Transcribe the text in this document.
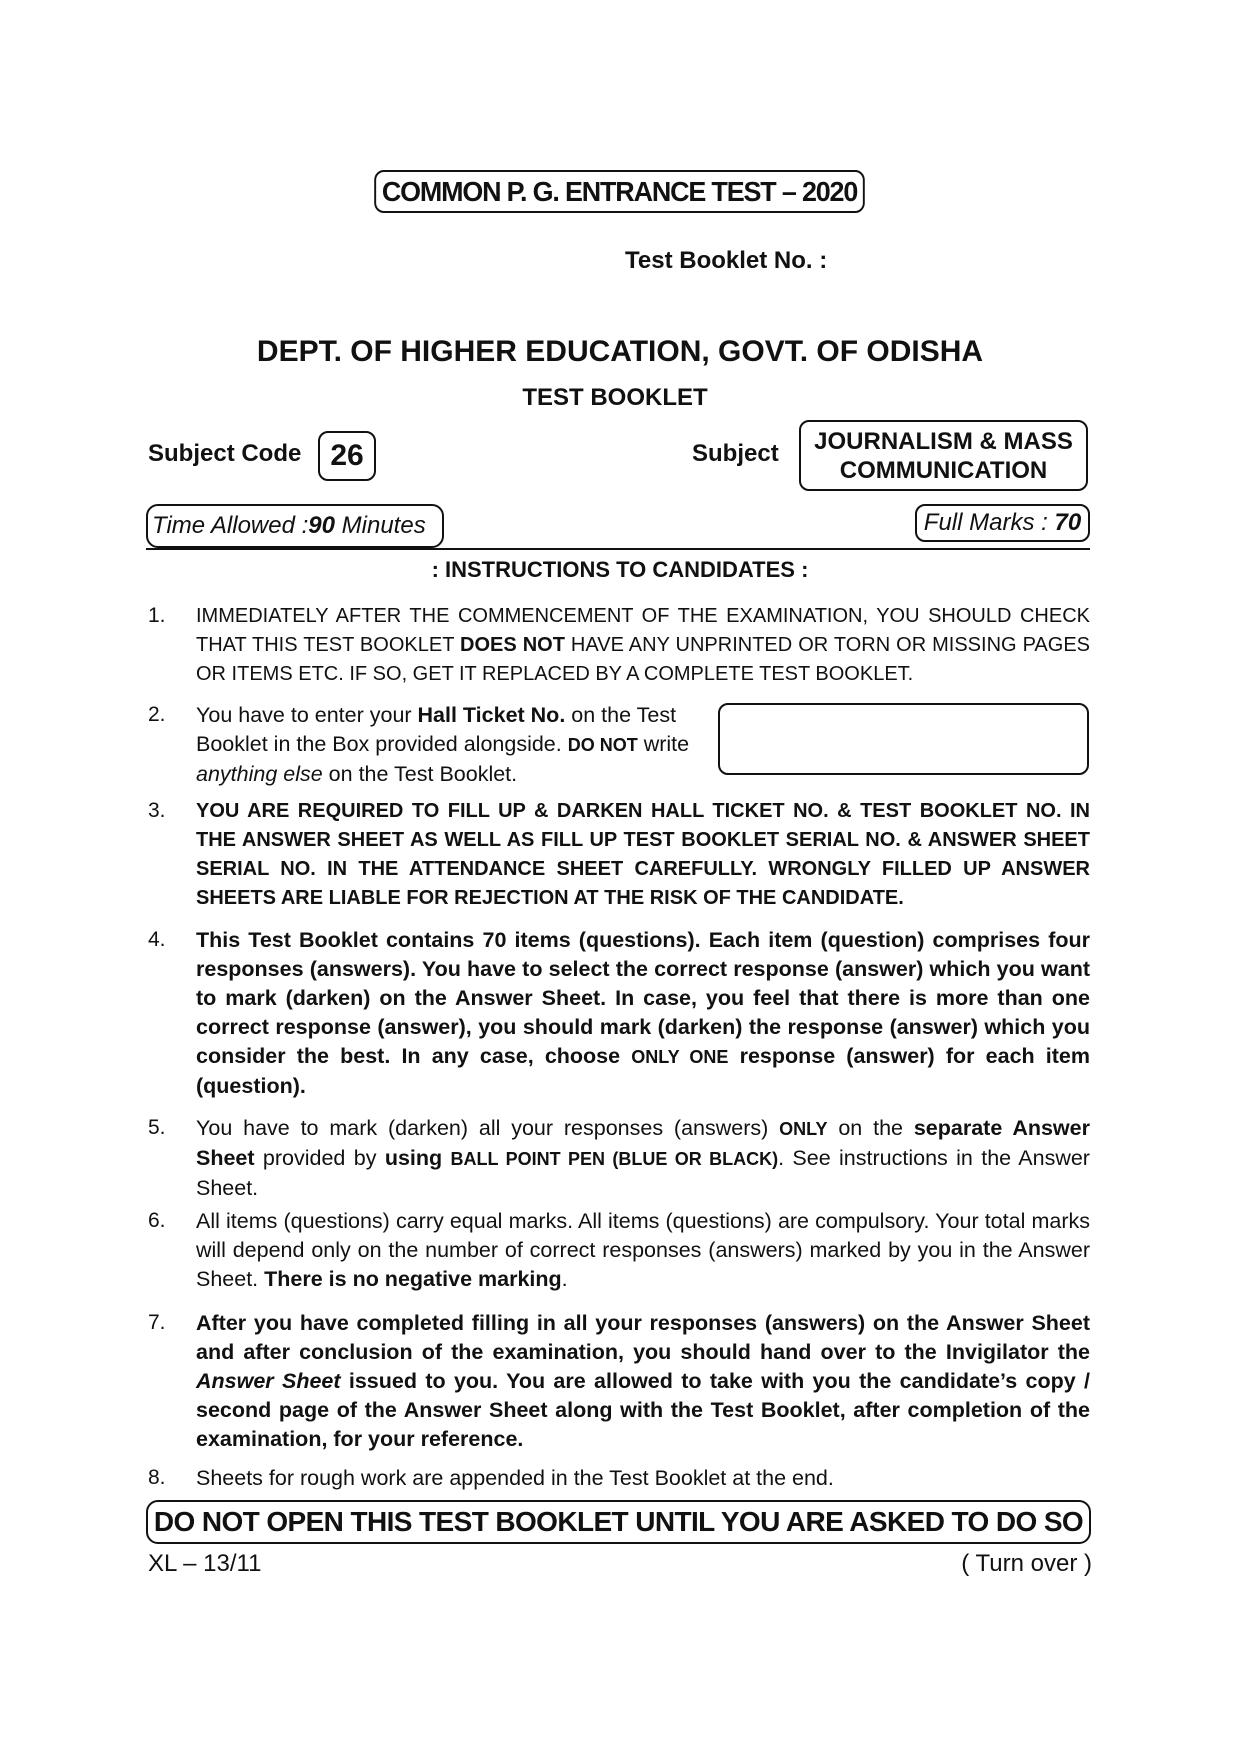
COMMON P. G. ENTRANCE TEST – 2020
Test Booklet No. :
DEPT. OF HIGHER EDUCATION, GOVT. OF ODISHA
TEST BOOKLET
Subject Code 26	Subject JOURNALISM & MASS
COMMUNICATION
Time Allowed : 90 Minutes	Full Marks : 70
: INSTRUCTIONS TO CANDIDATES :
1. IMMEDIATELY AFTER THE COMMENCEMENT OF THE EXAMINATION, YOU SHOULD CHECK THAT THIS TEST BOOKLET DOES NOT HAVE ANY UNPRINTED OR TORN OR MISSING PAGES OR ITEMS ETC. IF SO, GET IT REPLACED BY A COMPLETE TEST BOOKLET.
2. You have to enter your Hall Ticket No. on the Test Booklet in the Box provided alongside. DO NOT write anything else on the Test Booklet.
3. YOU ARE REQUIRED TO FILL UP & DARKEN HALL TICKET NO. & TEST BOOKLET NO. IN THE ANSWER SHEET AS WELL AS FILL UP TEST BOOKLET SERIAL NO. & ANSWER SHEET SERIAL NO. IN THE ATTENDANCE SHEET CAREFULLY. WRONGLY FILLED UP ANSWER SHEETS ARE LIABLE FOR REJECTION AT THE RISK OF THE CANDIDATE.
4. This Test Booklet contains 70 items (questions). Each item (question) comprises four responses (answers). You have to select the correct response (answer) which you want to mark (darken) on the Answer Sheet. In case, you feel that there is more than one correct response (answer), you should mark (darken) the response (answer) which you consider the best. In any case, choose ONLY ONE response (answer) for each item (question).
5. You have to mark (darken) all your responses (answers) ONLY on the separate Answer Sheet provided by using BALL POINT PEN (BLUE OR BLACK). See instructions in the Answer Sheet.
6. All items (questions) carry equal marks. All items (questions) are compulsory. Your total marks will depend only on the number of correct responses (answers) marked by you in the Answer Sheet. There is no negative marking.
7. After you have completed filling in all your responses (answers) on the Answer Sheet and after conclusion of the examination, you should hand over to the Invigilator the Answer Sheet issued to you. You are allowed to take with you the candidate’s copy / second page of the Answer Sheet along with the Test Booklet, after completion of the examination, for your reference.
8. Sheets for rough work are appended in the Test Booklet at the end.
DO NOT OPEN THIS TEST BOOKLET UNTIL YOU ARE ASKED TO DO SO
XL – 13/11	( Turn over )
